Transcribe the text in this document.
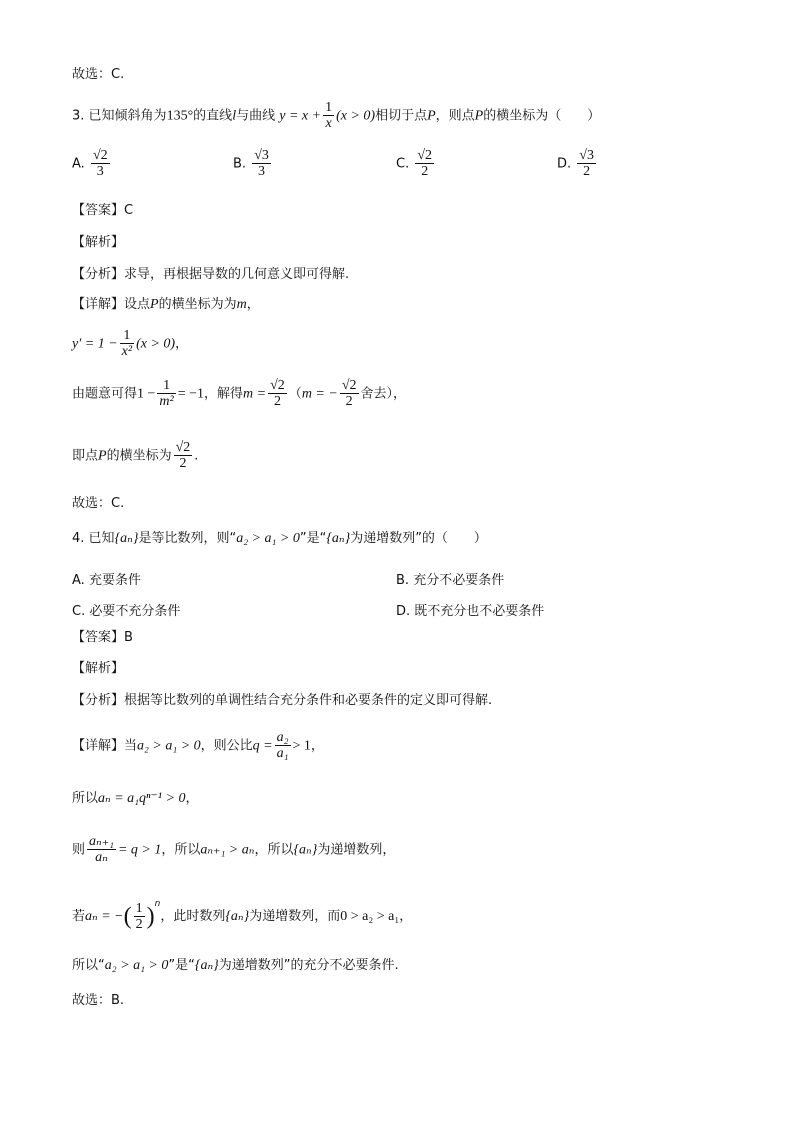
故选：C.
3. 已知倾斜角为135°的直线l与曲线 $y = x + \frac{1}{x} (x > 0)$相切于点P，则点P的横坐标为（　　）
A. $\frac{√2}{3}$	B. $\frac{√3}{3}$	C. $\frac{√2}{2}$	D. $\frac{√3}{2}$
【答案】C
【解析】
【分析】求导，再根据导数的几何意义即可得解.
【详解】设点P的横坐标为为m，
$y' = 1 - \frac{1}{\text{x²}} (x > 0)$，
由题意可得$1 - \frac{1}{\text{m²}} = -1$，解得$m = \frac{√2}{2} (m$ = − $\frac{√2}{2}$ 舍去），
即点P的横坐标为 $\frac{√2}{2}$ .
故选：C.
4. 已知{aₙ}是等比数列，则“a₂ > a₁ > 0”是“{aₙ}为递增数列”的（　　）
A. 充要条件	B. 充分不必要条件
C. 必要不充分条件	D. 既不充分也不必要条件
【答案】B
【解析】
【分析】根据等比数列的单调性结合充分条件和必要条件的定义即可得解.
【详解】当a₂ > a₁ > 0，则公比$q = \frac{\text{a₂}}{\text{a₁}} > 1$，
所以aₙ = a₁qⁿ⁻¹ > 0，
则 $\frac{\text{aₙ₊₁}}{\text{aₙ}} = q > 1$，所以aₙ₊₁ > aₙ，所以{aₙ}为递增数列，
若aₙ = −( $\frac{1}{2} )^n$，此时数列{aₙ}为递增数列，而0 > a₂ > a₁，
所以“a₂ > a₁ > 0”是“{aₙ}为递增数列”的充分不必要条件.
故选：B.
